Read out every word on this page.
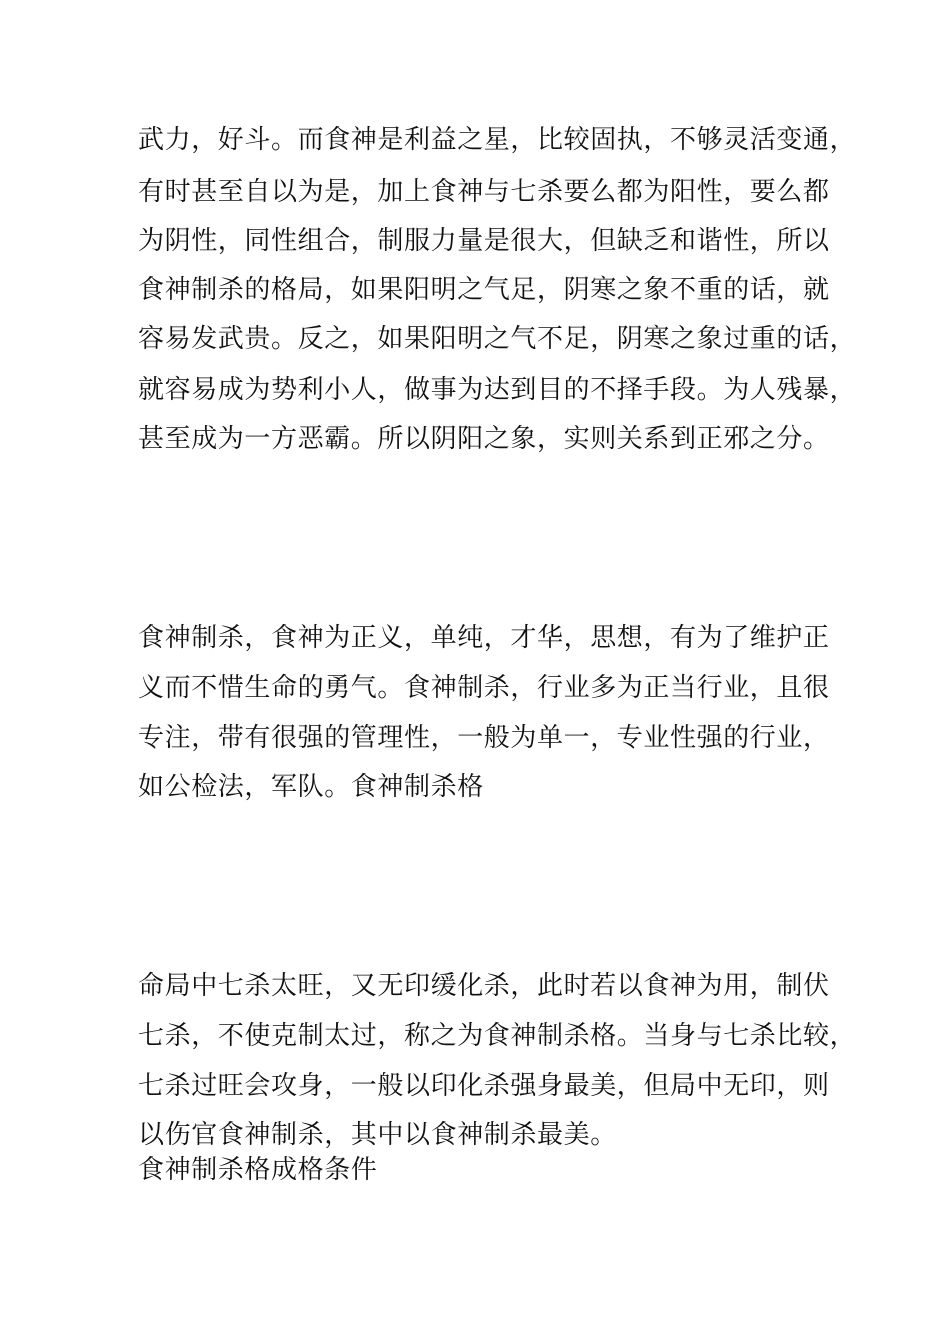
武力，好斗。而食神是利益之星，比较固执，不够灵活变通，
有时甚至自以为是，加上食神与七杀要么都为阳性，要么都
为阴性，同性组合，制服力量是很大，但缺乏和谐性，所以
食神制杀的格局，如果阳明之气足，阴寒之象不重的话，就
容易发武贵。反之，如果阳明之气不足，阴寒之象过重的话，
就容易成为势利小人，做事为达到目的不择手段。为人残暴，
甚至成为一方恶霸。所以阴阳之象，实则关系到正邪之分。
食神制杀，食神为正义，单纯，才华，思想，有为了维护正
义而不惜生命的勇气。食神制杀，行业多为正当行业，且很
专注，带有很强的管理性，一般为单一，专业性强的行业，
如公检法，军队。食神制杀格
命局中七杀太旺，又无印缓化杀，此时若以食神为用，制伏
七杀，不使克制太过，称之为食神制杀格。当身与七杀比较，
七杀过旺会攻身，一般以印化杀强身最美，但局中无印，则
以伤官食神制杀，其中以食神制杀最美。
食神制杀格成格条件
